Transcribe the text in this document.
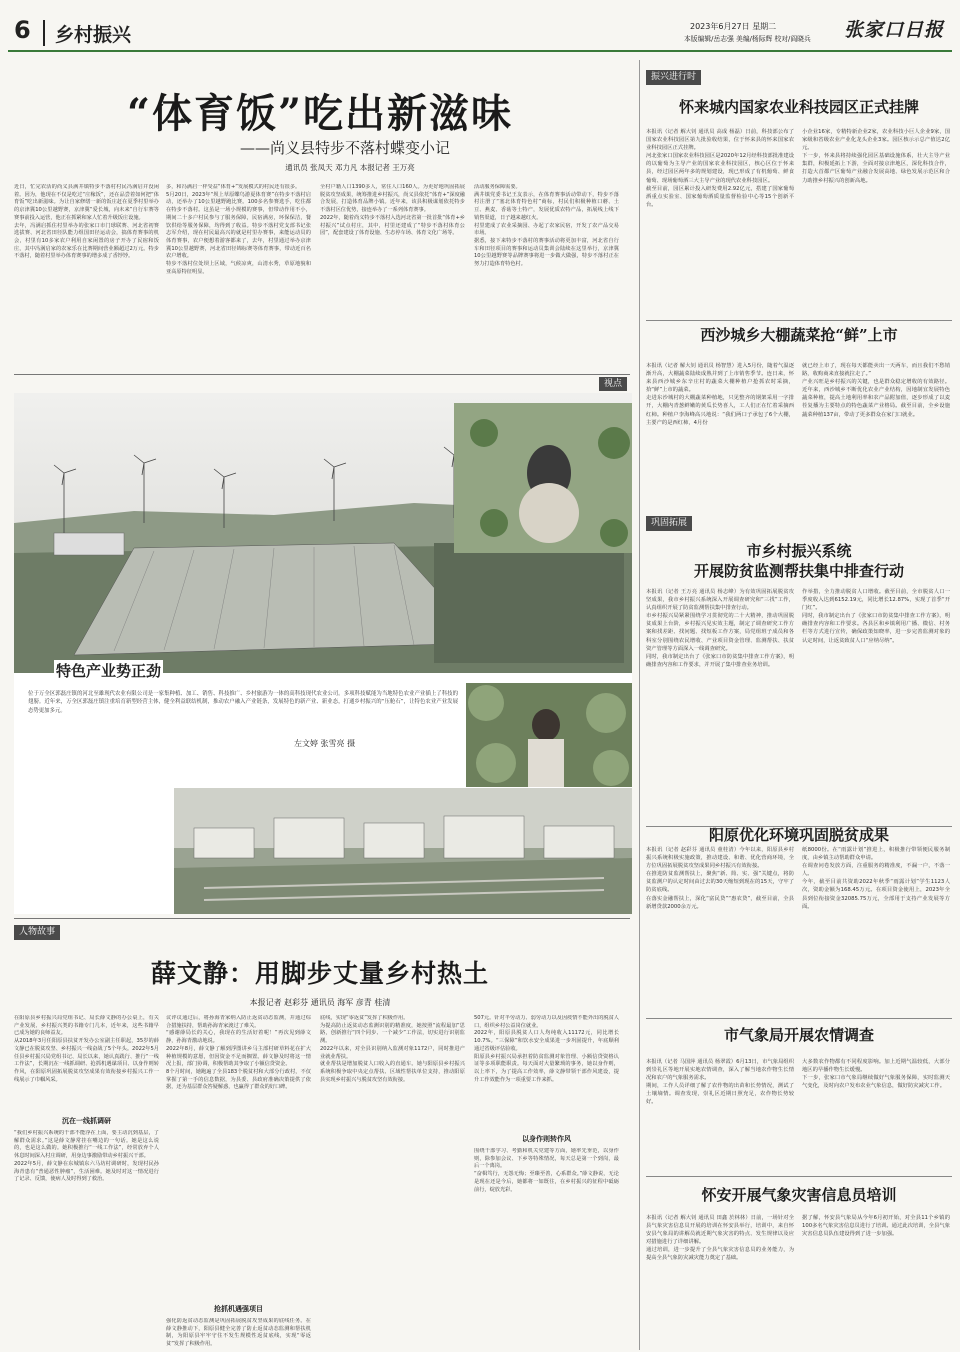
6 乡村振兴	2023年6月27日 星期二
本版编辑/岳志强 美编/杨际辉 校对/阎晓兵 张家口日报
“体育饭”吃出新滋味
——尚义县特步不落村蝶变小记
通讯员 张凤天 邓力凡 本报记者 王万亮
近日，忙完农活的尚义县满井镇特步不落村村民冯满启并没闲着。因为，他现在不仅是吃过“庄稼饭”，还在品尝着如何把“体育饭”吃出新滋味。为让自家修缮一新的饭庄赶在夏季村里举办的京津冀10公里越野赛，京津冀“爱长城，向未来”自行车赛等赛事前投入运营，他正在抓紧和家人忙着升级饭庄设施。
去年，冯满启抓住村里举办的张家口市门球联赛、河北省初赛选拔赛、河北省田径队能力组国田径运动会，搞体育赛事的机会，村里有10多家农户利用自家闲置的房子开办了民宿和饭庄，其中冯满启家的农家乐在比赛期间营业额超过2万元。特步不落村，随着村里举办体育赛事的增多成了香饽饽。
多，和冯满启一样受益“体育+”发展模式的村民还有很多。
5月20日，2023年“坝上草原蝶鸟游夏体育赛”在特步不落村启动，还举办了10公里越野跑比赛。100多名参赛选手，吃住都在特步不落村。这虽是一场小规模的赛事，但带动作用不小，期间二十多户村民参与了服务保障，民宿满房，环保保洁，餐饮供给等服务保障，均得到了收益。特步不落村党支部书记张志军介绍，现在村民最高兴的就是村里办赛事，来能运动员的体育赛事，农户便想着游客都来了，去年，村里通过举办京津冀10公里越野赛，河北省田径锦标赛等体育赛事，带动近百名农户增收。
特步不落村位处坝上区域，气候凉爽，山清水秀，草原地貌和亚高原特征明显。
全村户籍人口1390多人，常住人口160人。为更好地巩固拓展脱贫攻坚成果，统筹推进乡村振兴，尚义县依托“体育+”深度融合发展，打造体育品牌小镇。近年来，该县积极谋划依托特步不落村区位优势，接连举办了一系列体育赛事。
2022年，随着尚义特步不落村入选河北省第一批首批“体育+乡村振兴”试点村庄，其中，村里还建成了“特步不落村体育公园”，配套建设了体育设施、生态停车场、体育文化广场等。
活动服务保障需要。
满井镇党委书记王友表示，在体育赛事活动带动下，特步不落村注册了“塞北体育特色村”商标，村民们积极种植口蘑、土豆、燕麦、香菇等土特产，发展优质农特产品，拓展线上线下销售渠道，日子越来越红火。
村里建成了农业采摘园、办起了农家民宿，开发了农产品交易市场。
据悉，接下来特步不落村的赛事活动将更加丰富，河北省自行车和田径项目的赛事和运动员集训会陆续在这里举行，京津冀10公里越野赛等品牌赛事将进一步做大做强，特步不落村正在努力打造体育特色村。
视点
特色产业势正劲
位于万全区郭磊庄镇的河北至雄现代农业有限公司是一家集种植、加工、销售、科技推广、乡村旅游为一体的高科技现代农业公司。多项科技赋能为当地特色农业产业插上了科技的翅膀。近年来，万全区郭磊庄镇注重培育新型经营主体，健全利益联结机制，推动农户融入产业链条，发展特色的新产业、新业态，打通乡村振兴的“压舱石”，让特色农业产业发展态势更加多元。
左文婷 张雪亮 摄
人物故事
薛文静：用脚步丈量乡村热土
本报记者 赵彩芬 通讯员 海军 彦青 桂清
在阳原县乡村振兴局党组书记、局长薛文静的办公桌上，有关产业发展、乡村振兴类的书籍专门几本，近年来，这些书籍早已成为她的良师益友。
从2018年3月任阳原县扶贫开发办公室副主任职起，35岁的薛文静已在脱贫攻坚、乡村振兴一线奋战了5个年头。2022年5月任县乡村振兴局党组书记、局长以来，她认真践行、推行“一线工作法”，长期沉在一线抓调研、抢抓机遇谋项目、以身作则转作风，在阳原巩固拓展脱贫攻坚成果有效衔接乡村振兴工作一线展示了巾帼风采。
沉在一线抓调研
“我们乡村振兴系统的干部不能浮在上面，要主动沉到基层，了解群众需求。”这是薛文静常挂在嘴边的一句话。她是这么说的，也是这么做的。她积极推行“一线工作法”，经常放弃个人休息时间深入村庄调研，用身边事激励带动乡村振兴干部。
2022年5月，薛文静在东城镇东六马坊村调研时，发现村民孙海青患有“普通恶性肿瘤”，生活困难。她及时对这一情况进行了记录、反馈，使病人及时得到了救治。
议评议通过后，将孙海青家纳入防止返贫动态监测，并通过综合措施扶持，帮助孙海青家渡过了难关。
“感谢薛局长的关心，我现在的生活好着呢！”再次见到薛文静，孙海青激动地说。
2022年8月，薛文静了解到浮图讲乡马主部村研草料花在扩大种植规模的意愿，但因资金不足而搁置。薛文静及时将这一情况上报，部门协调，积极帮助其争取了小额信贷资金。
8个月时间，她跑遍了全县183个脱贫村和大部分行政村，不仅掌握了第一手的信息数据，为县委、县政府准确决策提供了依据，还为基层群众答疑解惑，也赢得了群众的好口碑。
抢抓机遇强项目
强化防返贫动态监测是巩固拓展脱贫攻坚成果的底线任务。在薛文静推动下，阳原县健全完善了防止返贫动态监测和帮扶机制，为阳原县牢牢守住不发生规模性返贫底线，实现“零返贫”发挥了积极作用。
底线，实现“零返贫”发挥了积极作用。
为提高防止返贫动态监测识别的精准度，她按照“流程最加”思路，创新推行“四个同步、一个减少”工作法，切实进行识别监测。
2022年以来，对全县识别纳入监测对象1172户，同时推进产业就业帮扶。
就业帮扶是增加脱贫人口收入的直通车。她与阳原县乡村振兴系统积极争取中央定点帮扶、区域性帮扶单位支持，推动阳原县实现乡村振兴与脱贫攻坚有效衔接。
507元。针对半劳动力、弱劳动力以及因疫情不能外出的脱贫人口，组织乡村公益岗位就业。
2022年，阳原县脱贫人口人均纯收入11172元，同比增长10.7%。“三保障”和饮水安全成果进一步巩固提升，年底顺利通过省级评估验收。
阳原县乡村振兴局承担着防贫监测对象管理、小额信贷资格认证等多项职能职责。每天面对大量繁琐的事务，她以身作则，以上率下，为了提高工作效率，薛文静带领干部作风建设，提升工作效能作为一项重要工作来抓。
以身作则转作风
围绕干部学习、考勤和机关党建等方面，她率先垂范，以身作则，除参加会议、下乡等特殊情况，每天总是第一个到岗，最后一个离岗。
“奋楫笃行，无怨无悔；至臻至善，心系群众。”薛文静说，无论是现在还是今后，她都将一如既往，在乡村振兴的征程中砥砺前行，绽放光彩。
振兴进行时
怀来城内国家农业科技园区正式挂牌
本报讯（记者 解大钊 通讯员 高成 杨磊）日前，科技部公布了国家农业科技园区第九批验收结果，位于怀来县的怀来国家农业科技园区正式挂牌。
河北张家口国家农业科技园区是2020年12月经科技部批准建设的以葡萄为主导产业的国家农业科技园区，核心区位于怀来县，经过园区两年多的规划建设，现已形成了有机葡萄、鲜食葡萄、现场葡萄酒三大主导产业的现代农业科技园区。
截至目前，园区累计投入研发费用2.92亿元，搭建了国家葡萄酒重点实验室、国家葡萄酒质量监督检验中心等15个创新平台。
小企业16家，专精特新企业2家，农业科技小巨人企业9家，国家级和省级农业产业化龙头企业3家。园区核示示总产值达2亿元。
下一步，怀来县将持续强化园区基础设施体系，壮大主导产业集群，积极延拓上下游，全面对接京津地区，深化科技合作，打造大首都产区葡萄产业融合发展高地、绿色发展示范区和合力助推乡村振兴的创新高地。
西沙城乡大棚蔬菜抢“鲜”上市
本报讯（记者 解大钊 通讯员 杨智慧）进入5月份，随着气温逐渐升高，大棚蔬菜陆续成熟并到了上市销售季节。连日来，怀来县西沙城乡东辛庄村的蔬菜大棚种植户抢抓农时采摘，拾“鲜”上市的蔬菜。
走进东沙城村的大棚蔬菜种植地，只见整齐的钢架采用一字排开，大棚内青葱鲜嫩的黄瓜长势喜人，工人们正在忙着采摘西红柿。种植户李海峰高兴地说：“我们两口子承包了6个大棚，主要产的是西红柿，4月份
就已经上市了，现在每天都能卖出一天两车，而且我们不愁销路，收购商来直接就拉走了。”
产业兴旺是乡村振兴的关键，也是群众稳定增收的有效路径。近年来，西沙城乡不断优化农业产业结构，因地制宜发展特色蔬菜种植，提高土地利用率和农产品附加值，逐步形成了以麦茬复播为主要特点的特色蔬菜产业格局。截至目前，全乡设施蔬菜种植137亩，带动了更多群众在家门口就业。
巩固拓展
市乡村振兴系统
开展防贫监测帮扶集中排查行动
本报讯（记者 王万亮 通讯员 杨志峰）为有效巩固拓展脱贫攻坚成果，我市乡村振兴系统深入开展调查研究和“三找”工作，认真组织开展了防贫监测帮扶集中排查行动。
市乡村振兴局紧紧围绕学习贯彻党的二十大精神，推动巩固脱贫成果上台阶，乡村振兴见实效主题，制定了调查研究工作方案和找差距、找问题、找短板工作方案，局党组班子成员和各科室分别围绕农民增收、产业项目资金管理、监测帮扶、扶贫资产管理等方面深入一线调查研究。
同时，我市制定出台了《张家口市防贫集中排查工作方案》，明确排查内容和工作要求，并开展了集中排查业务培训。
作举措，全力推动脱贫人口增收。截至目前，全市脱贫人口一季度收入达到6152.19元，同比增长12.87%，实现了首季“开门红”。
同时，我市制定出台了《张家口市防贫集中排查工作方案》，明确排查内容和工作要求。各县区和乡镇利用广播、微信、村务栏等方式进行宣传，确保政策知晓率，进一步完善监测对象的认定时间，让返贫致贫人口“应纳尽纳”。
阳原优化环境巩固脱贫成果
本报讯（记者 赵彩芬 通讯员 童桂清）今年以来，阳原县乡村振兴系统积极实施政策，推动建设、和谐、优化营商环境，全方位巩固拓展脱贫攻坚成果同乡村振兴有效衔接。
在推进防贫监测帮扶上，聚焦“新、简、实、强”关键点，将防贫监测户的认定时间由过去的30天缩短到现在的15天，守牢了防贫底线。
在落实金融帮扶上，深化“富民贷”“惠农贷”，截至目前，全县新增贷款2000余万元。
纸8000份。在“雨露计划”推进上，积极推行带领便民服务制度，由乡镇主动帮助群众申请。
在调查问卷发放方面，注重服务的精准度，不漏一户，不落一人。
今年，截至目前共资助2022年秋季“雨露计划”学生1123人次，资助金额为168.45万元。在项目资金使用上，2023年全县到位衔接资金32085.75万元，全部用于支持产业发展等方面。
市气象局开展农情调查
本报讯（记者 马国萍 通讯员 杨翠霞）6月13日，市气象局组织到崇礼区等地开展实地农情调查，深入了解当地农作物生长情况和农户的气象服务需求。
期间，工作人员详细了解了农作物的出苗和长势情况，测试了土壤墒情。调查发现，崇礼区近期日照充足，农作物长势较好。
大多数农作物都有不同程度影响。加上近期气温较低，大部分地区的早播作物生长缓慢。
下一步，张家口市气象局继续做好气象服务保障，实时监测天气变化，及时向农户发布农业气象信息，做好防灾减灾工作。
怀安开展气象灾害信息员培训
本报讯（记者 解大钊 通讯员 田鑫 於林林）日前，一场针对全县气象灾害信息员开展的培训在怀安县举行，培训中，来自怀安县气象局的讲解员就近期气象灾害的特点、发生规律以及应对措施进行了详细讲解。
通过培训，进一步提升了全县气象灾害信息员的业务能力，为提高全县气象防灾减灾能力奠定了基础。
据了解，怀安县气象局从今年6月初开始，对全县11个乡镇的100多名气象灾害信息员进行了培训。通过此次培训，全县气象灾害信息员队伍建设得到了进一步加强。
